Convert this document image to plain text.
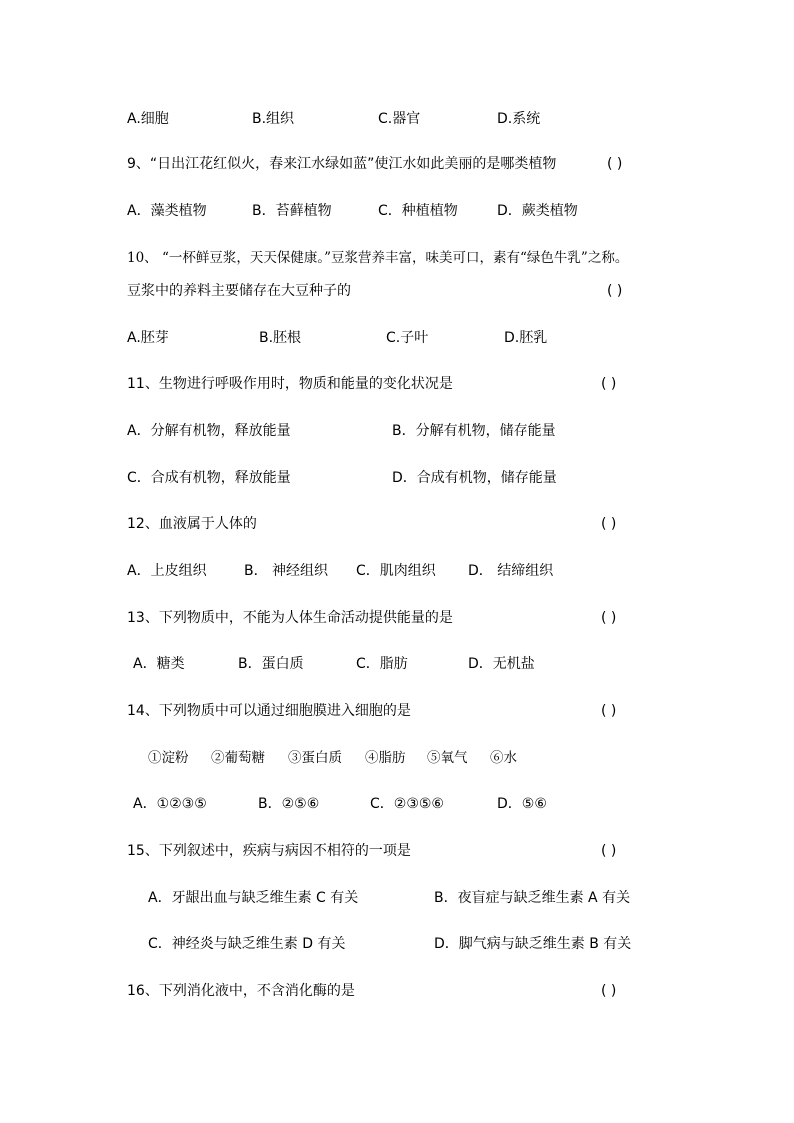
A.细胞	B.组织	C.器官	D.系统
9、“日出江花红似火，春来江水绿如蓝”使江水如此美丽的是哪类植物	( )
A．藻类植物	B．苔藓植物	C．种植植物	D．蕨类植物
10、 “一杯鲜豆浆，天天保健康。”豆浆营养丰富，味美可口，素有“绿色牛乳”之称。
豆浆中的养料主要储存在大豆种子的	( )
A.胚芽	B.胚根	C.子叶	D.胚乳
11、生物进行呼吸作用时，物质和能量的变化状况是	( )
A．分解有机物，释放能量	B．分解有机物，储存能量
C．合成有机物，释放能量	D．合成有机物，储存能量
12、血液属于人体的	( )
A．上皮组织	B． 神经组织 C．肌肉组织 D． 结缔组织
13、下列物质中，不能为人体生命活动提供能量的是	( )
A．糖类	B．蛋白质	C．脂肪	D．无机盐
14、下列物质中可以通过细胞膜进入细胞的是	( )
①淀粉 ②葡萄糖 ③蛋白质 ④脂肪 ⑤氧气 ⑥水
A．①②③⑤	B．②⑤⑥	C．②③⑤⑥	D．⑤⑥
15、下列叙述中，疾病与病因不相符的一项是	( )
A．牙龈出血与缺乏维生素 C 有关	B．夜盲症与缺乏维生素 A 有关
C．神经炎与缺乏维生素 D 有关	D．脚气病与缺乏维生素 B 有关
16、下列消化液中，不含消化酶的是	( )
